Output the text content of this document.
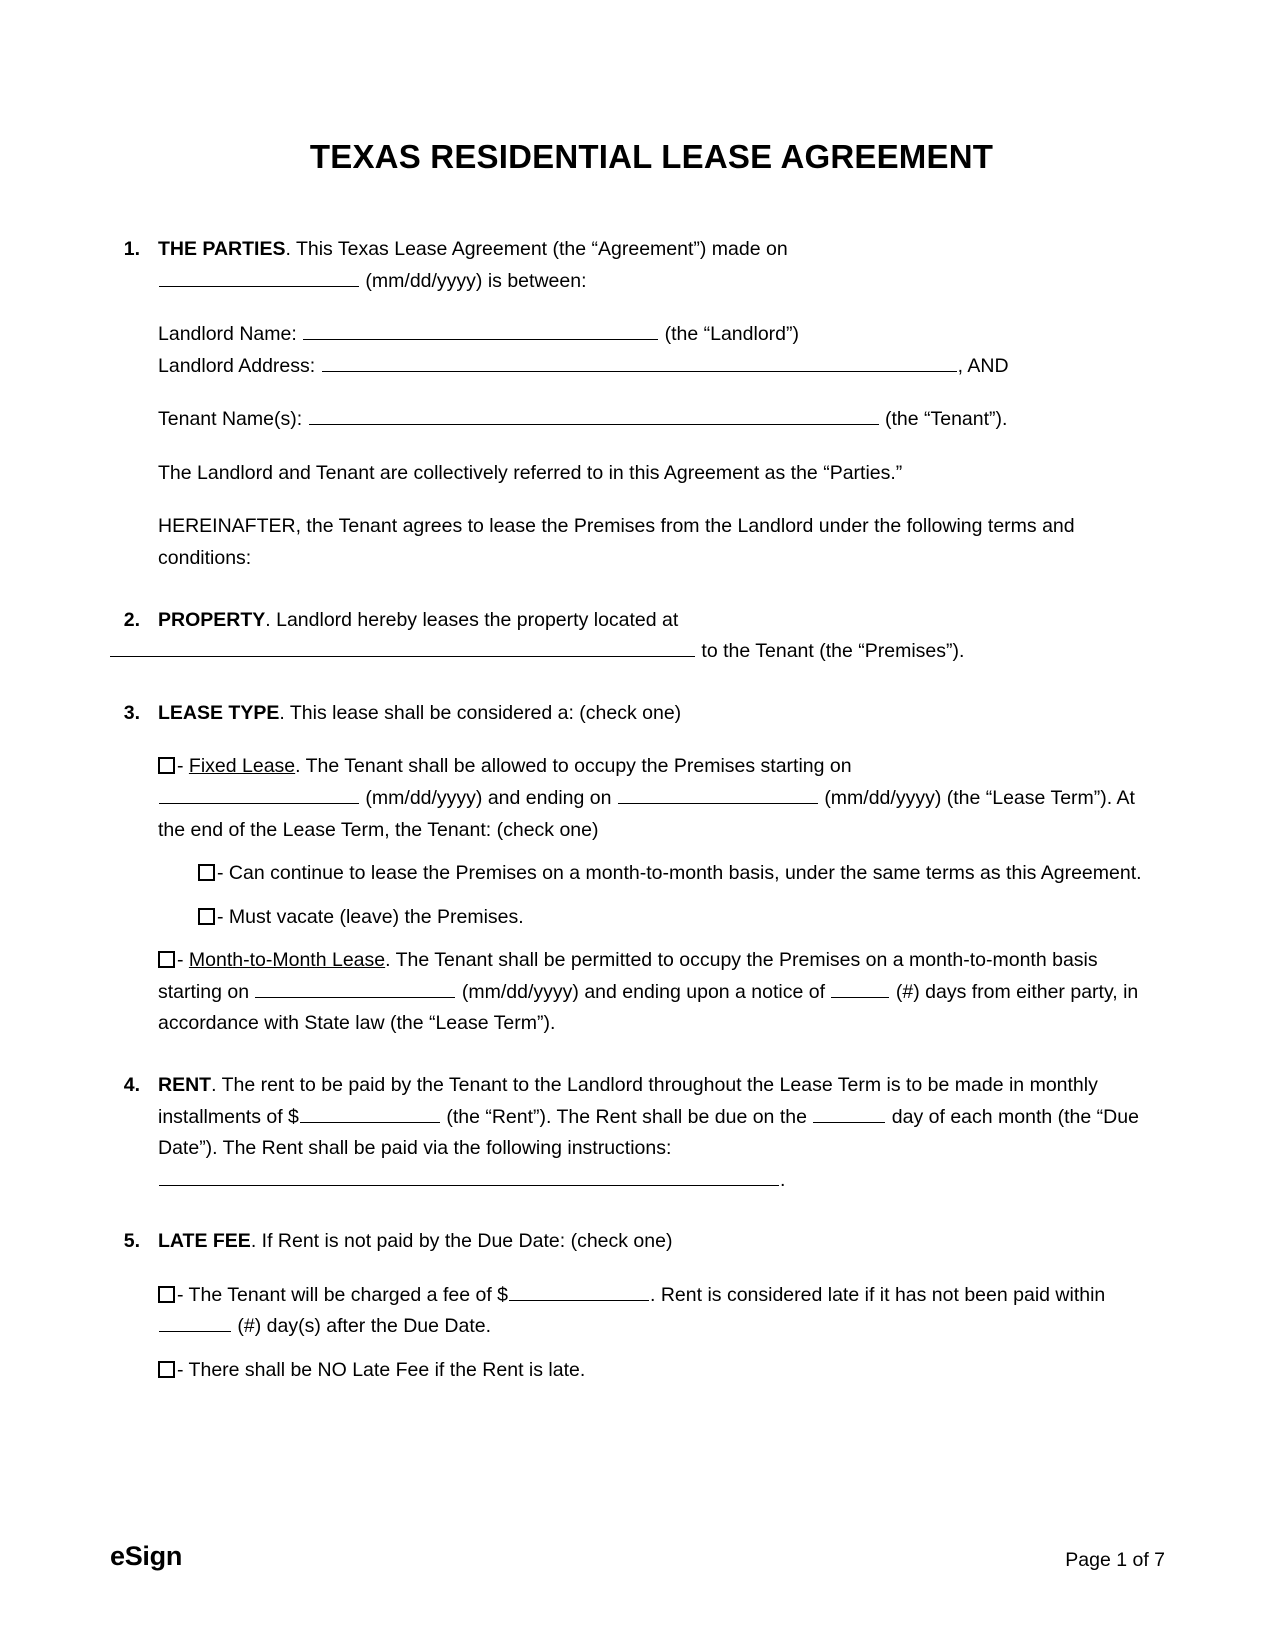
TEXAS RESIDENTIAL LEASE AGREEMENT
1. THE PARTIES. This Texas Lease Agreement (the “Agreement”) made on
(mm/dd/yyyy) is between:
Landlord Name:	(the “Landlord”)
Landlord Address:	, AND
Tenant Name(s):	(the “Tenant”).
The Landlord and Tenant are collectively referred to in this Agreement as the “Parties.”
HEREINAFTER, the Tenant agrees to lease the Premises from the Landlord under the following terms and conditions:
2. PROPERTY. Landlord hereby leases the property located at
to the Tenant (the “Premises”).
3. LEASE TYPE. This lease shall be considered a: (check one)
- Fixed Lease. The Tenant shall be allowed to occupy the Premises starting on
(mm/dd/yyyy) and ending on	(mm/dd/yyyy) (the “Lease Term”). At the end of the Lease Term, the Tenant: (check one)
- Can continue to lease the Premises on a month-to-month basis, under the same terms as this Agreement.
- Must vacate (leave) the Premises.
- Month-to-Month Lease. The Tenant shall be permitted to occupy the Premises on a month-to-month basis starting on	(mm/dd/yyyy) and ending upon a notice of	(#) days from either party, in accordance with State law (the “Lease Term”).
4. RENT. The rent to be paid by the Tenant to the Landlord throughout the Lease Term is to be made in monthly installments of $	(the “Rent”). The Rent shall be due on the	day of each month (the “Due Date”). The Rent shall be paid via the following instructions: .
5. LATE FEE. If Rent is not paid by the Due Date: (check one)
- The Tenant will be charged a fee of $	. Rent is considered late if it has not been paid within  (#) day(s) after the Due Date.
- There shall be NO Late Fee if the Rent is late.
eSign	Page 1 of 7
